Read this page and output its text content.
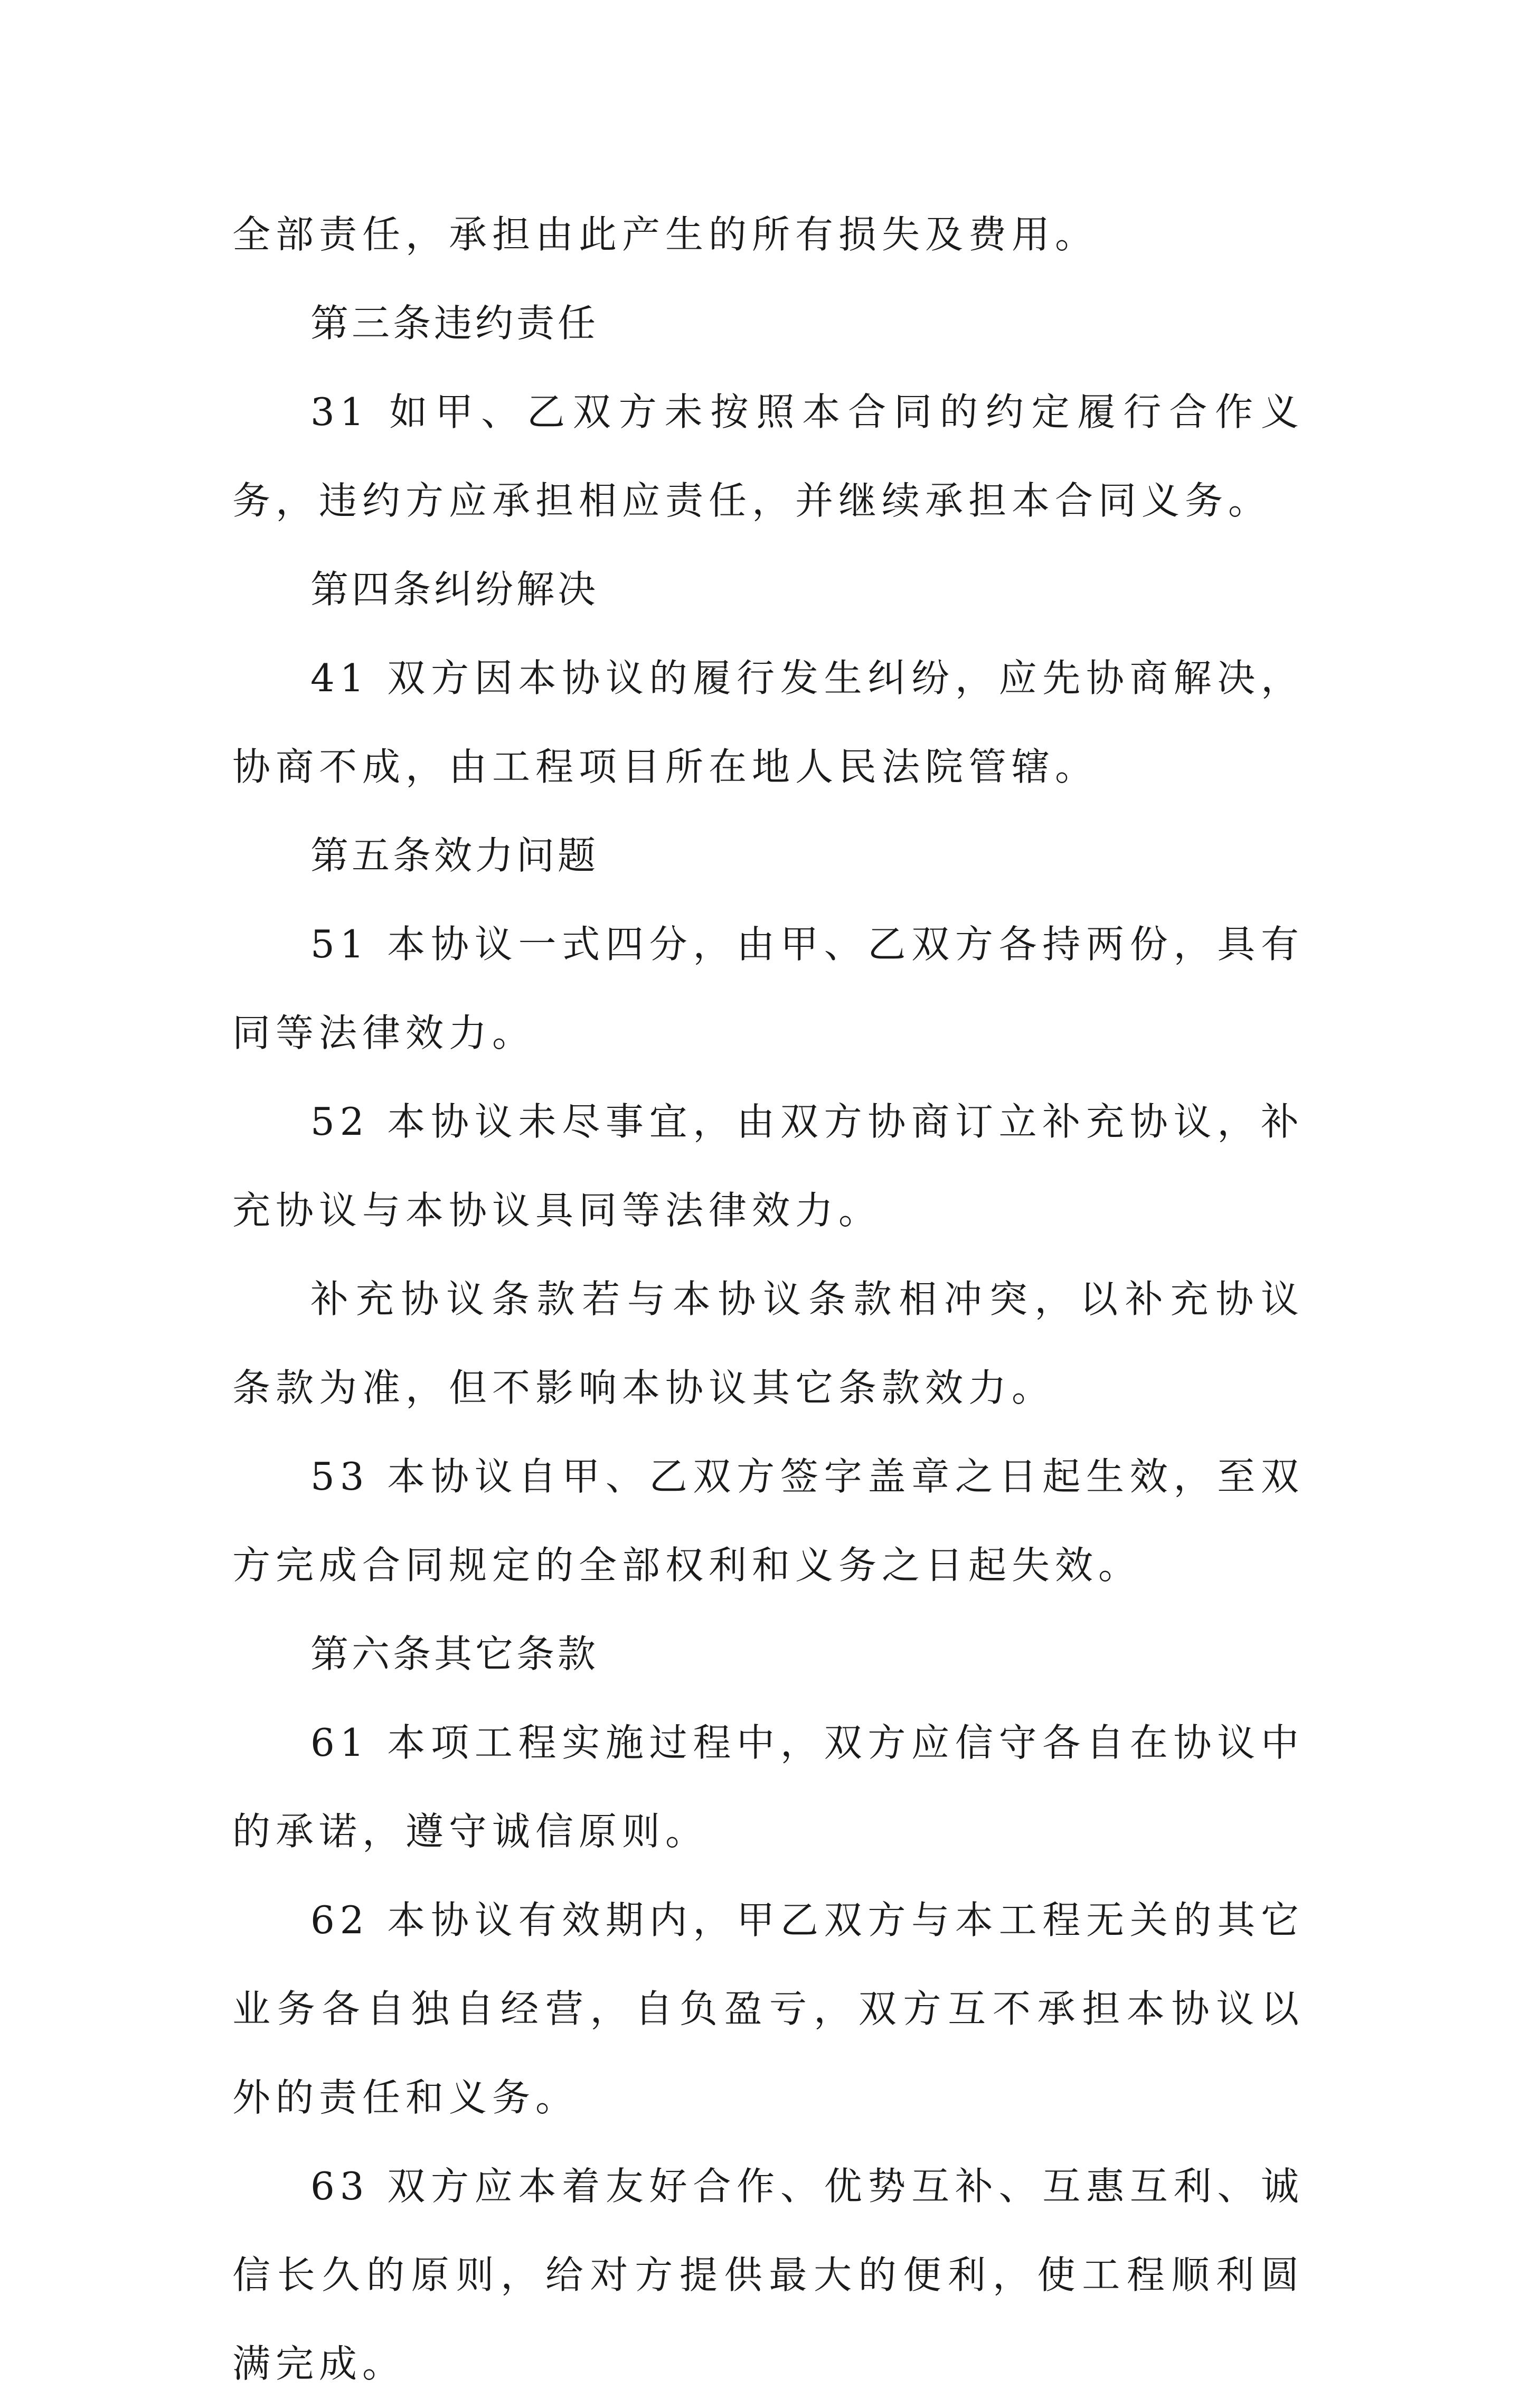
全部责任，承担由此产生的所有损失及费用。

第三条违约责任

31 如甲、乙双方未按照本合同的约定履行合作义务，违约方应承担相应责任，并继续承担本合同义务。

第四条纠纷解决

41 双方因本协议的履行发生纠纷，应先协商解决，协商不成，由工程项目所在地人民法院管辖。

第五条效力问题

51 本协议一式四分，由甲、乙双方各持两份，具有同等法律效力。

52 本协议未尽事宜，由双方协商订立补充协议，补充协议与本协议具同等法律效力。

补充协议条款若与本协议条款相冲突，以补充协议条款为准，但不影响本协议其它条款效力。

53 本协议自甲、乙双方签字盖章之日起生效，至双方完成合同规定的全部权利和义务之日起失效。

第六条其它条款

61 本项工程实施过程中，双方应信守各自在协议中的承诺，遵守诚信原则。

62 本协议有效期内，甲乙双方与本工程无关的其它业务各自独自经营，自负盈亏，双方互不承担本协议以外的责任和义务。

63 双方应本着友好合作、优势互补、互惠互利、诚信长久的原则，给对方提供最大的便利，使工程顺利圆满完成。
